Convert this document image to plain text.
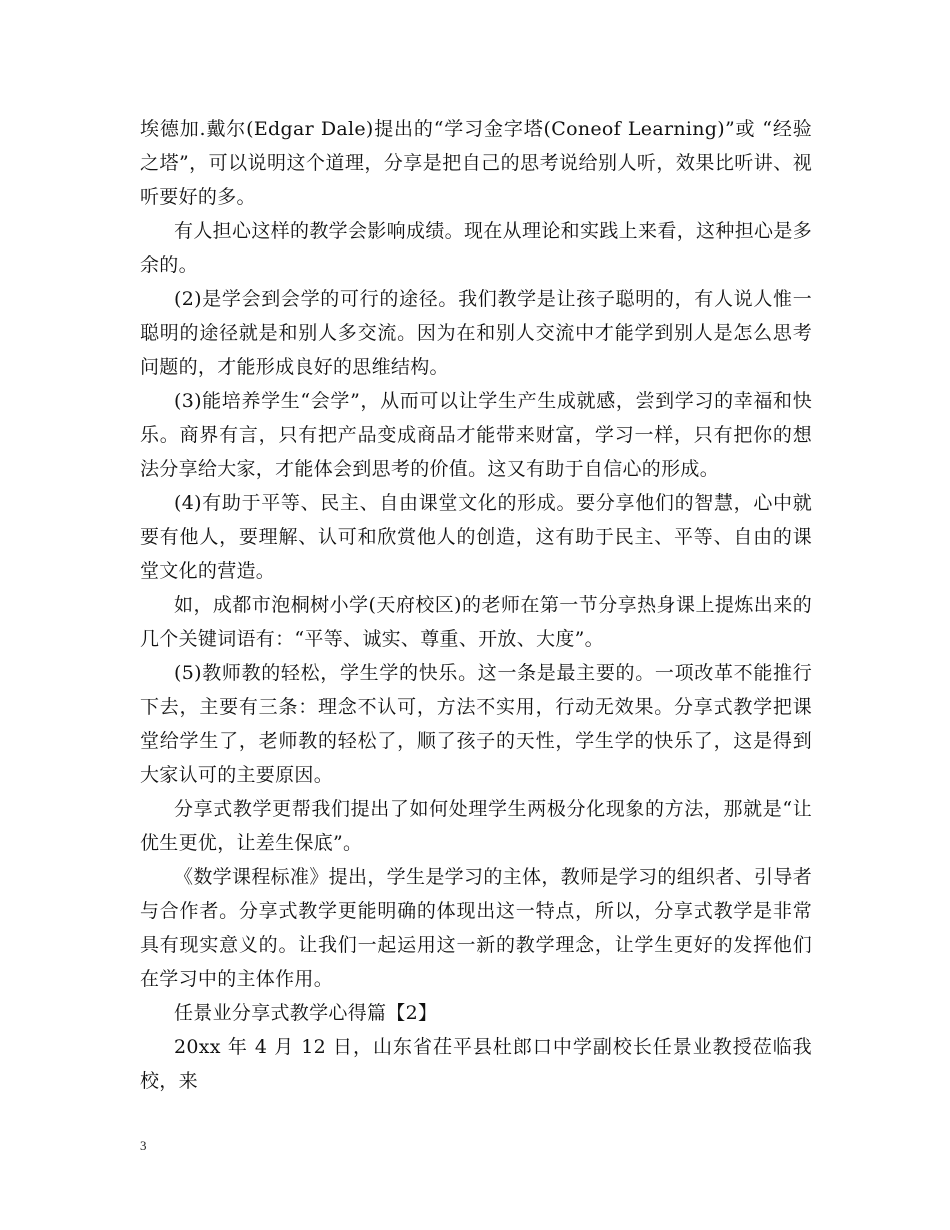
埃德加.戴尔(Edgar Dale)提出的“学习金字塔(Coneof Learning)”或 “经验之塔”，可以说明这个道理，分享是把自己的思考说给别人听，效果比听讲、视听要好的多。

有人担心这样的教学会影响成绩。现在从理论和实践上来看，这种担心是多余的。

(2)是学会到会学的可行的途径。我们教学是让孩子聪明的，有人说人惟一聪明的途径就是和别人多交流。因为在和别人交流中才能学到别人是怎么思考问题的，才能形成良好的思维结构。

(3)能培养学生“会学”，从而可以让学生产生成就感，尝到学习的幸福和快乐。商界有言，只有把产品变成商品才能带来财富，学习一样，只有把你的想法分享给大家，才能体会到思考的价值。这又有助于自信心的形成。

(4)有助于平等、民主、自由课堂文化的形成。要分享他们的智慧，心中就要有他人，要理解、认可和欣赏他人的创造，这有助于民主、平等、自由的课堂文化的营造。

如，成都市泡桐树小学(天府校区)的老师在第一节分享热身课上提炼出来的几个关键词语有：“平等、诚实、尊重、开放、大度”。

(5)教师教的轻松，学生学的快乐。这一条是最主要的。一项改革不能推行下去，主要有三条：理念不认可，方法不实用，行动无效果。分享式教学把课堂给学生了，老师教的轻松了，顺了孩子的天性，学生学的快乐了，这是得到大家认可的主要原因。

分享式教学更帮我们提出了如何处理学生两极分化现象的方法，那就是“让优生更优，让差生保底”。

《数学课程标准》提出，学生是学习的主体，教师是学习的组织者、引导者与合作者。分享式教学更能明确的体现出这一特点，所以，分享式教学是非常具有现实意义的。让我们一起运用这一新的教学理念，让学生更好的发挥他们在学习中的主体作用。

任景业分享式教学心得篇【2】

20xx 年 4 月 12 日，山东省茌平县杜郎口中学副校长任景业教授莅临我校，来

3
